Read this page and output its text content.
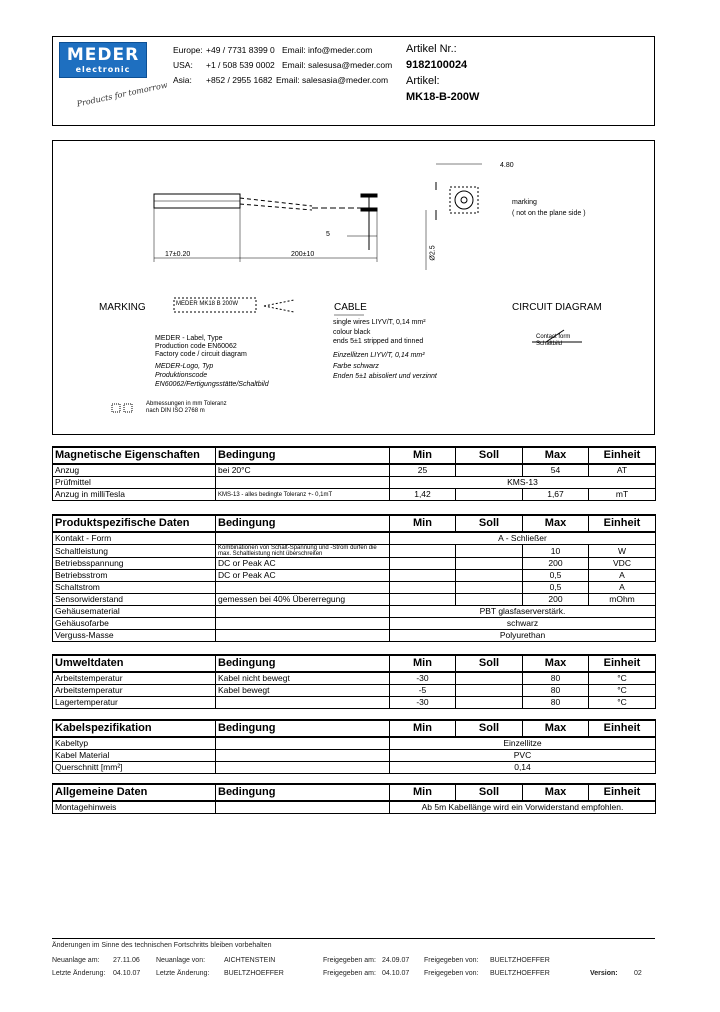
MEDER
electronic
Products for tomorrow
Europe: +49 / 7731 8399 0 Email: info@meder.com
USA: +1 / 508 539 0002 Email: salesusa@meder.com
Asia: +852 / 2955 1682 Email: salesasia@meder.com
Artikel Nr.:
9182100024
Artikel:
MK18-B-200W
4.80
5
17±0.20	200±10	Ø2.5
marking
( not on the plane side )
MARKING	MEDER MK18 B 200W
MEDER - Label, Type
Production code EN60062
Factory code / circuit diagram
MEDER-Logo, Typ
Produktionscode
EN60062/Fertigungsstätte/Schaltbild
Abmessungen in mm Toleranz
nach DIN ISO 2768 m
CABLE
single wires LIYV/T, 0,14 mm²
colour black
ends 5±1 stripped and tinned
Einzellitzen LIYV/T, 0,14 mm²
Farbe schwarz
Enden 5±1 abisoliert und verzinnt
CIRCUIT DIAGRAM
Contact form
Schaltbild
Magnetische Eigenschaften	Bedingung	Min	Soll	Max	Einheit
Anzug	bei 20°C	25		54	AT
Prüfmittel		KMS-13			
Anzug in milliTesla	KMS-13 - alles bedingte Toleranz +- 0,1mT	1,42		1,67	mT
Produktspezifische Daten	Bedingung	Min	Soll	Max	Einheit
Kontakt - Form		A - Schließer			
Schaltleistung	Kombinationen von Schalt-Spannung und -Strom dürfen die max. Schaltleistung nicht überschreiten			10	W
Betriebsspannung	DC or Peak AC			200	VDC
Betriebsstrom	DC or Peak AC			0,5	A
Schaltstrom				0,5	A
Sensorwiderstand	gemessen bei 40% Übererregung			200	mOhm
Gehäusematerial		PBT glasfaserverstärk.			
Gehäusofarbe		schwarz			
Verguss-Masse		Polyurethan			
Umweltdaten	Bedingung	Min	Soll	Max	Einheit
Arbeitstemperatur	Kabel nicht bewegt	-30		80	°C
Arbeitstemperatur	Kabel bewegt	-5		80	°C
Lagertemperatur		-30		80	°C
Kabelspezifikation	Bedingung	Min	Soll	Max	Einheit
Kabeltyp		Einzellitze			
Kabel Material		PVC			
Querschnitt [mm²]		0,14			
Allgemeine Daten	Bedingung	Min	Soll	Max	Einheit
Montagehinweis		Ab 5m Kabellänge wird ein Vorwiderstand empfohlen.			
Änderungen im Sinne des technischen Fortschritts bleiben vorbehalten
Neuanlage am: 27.11.06 Neuanlage von:	AICHTENSTEIN	Freigegeben am: 24.09.07 Freigegeben von: BUELTZHOEFFER
Letzte Änderung: 04.10.07 Letzte Änderung: BUELTZHOEFFER	Freigegeben am: 04.10.07 Freigegeben von: BUELTZHOEFFER	Version: 02
